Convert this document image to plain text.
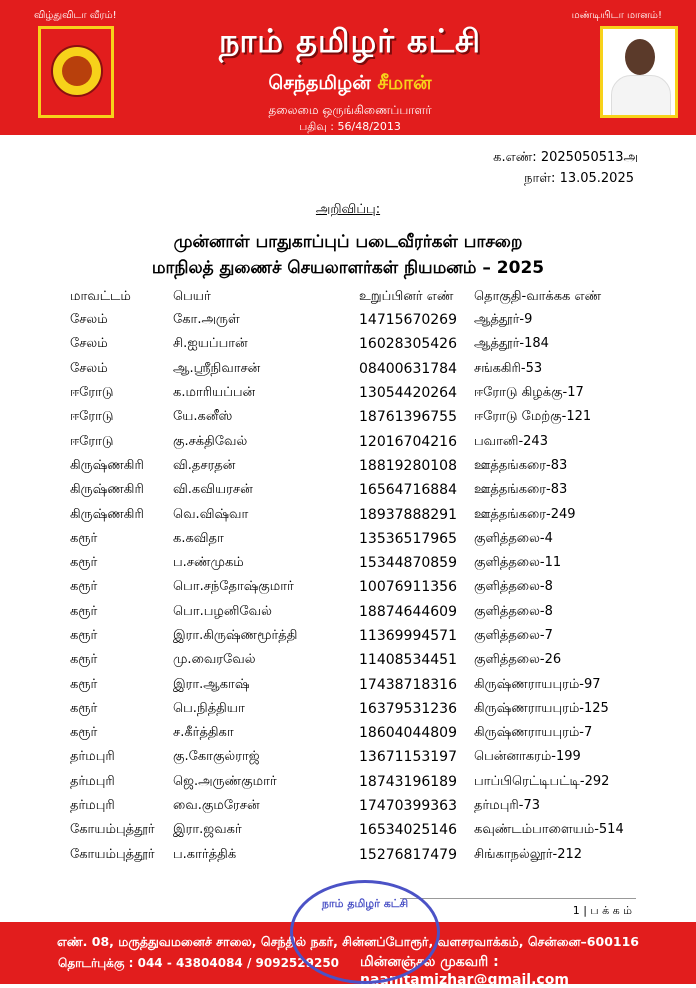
விழ்துவிடா வீரம்!	மண்டியிடா மானம்!
நாம் தமிழர் கட்சி
செந்தமிழன் சீமான்
தலைமை ஒருங்கிணைப்பாளர்
பதிவு : 56/48/2013
க.எண்: 2025050513அ
நாள்: 13.05.2025
அறிவிப்பு:
முன்னாள் பாதுகாப்புப் படைவீரர்கள் பாசறை
மாநிலத் துணைச் செயலாளர்கள் நியமனம் – 2025
மாவட்டம்	பெயர்	உறுப்பினர் எண்	தொகுதி-வாக்கக எண்
சேலம்	கோ.அருள்	14715670269	ஆத்தூர்-9
சேலம்	சி.ஐயப்பான்	16028305426	ஆத்தூர்-184
சேலம்	ஆ.ஸ்ரீநிவாசன்	08400631784	சங்ககிரி-53
ஈரோடு	க.மாரியப்பன்	13054420264	ஈரோடு கிழக்கு-17
ஈரோடு	யே.கனீஸ்	18761396755	ஈரோடு மேற்கு-121
ஈரோடு	கு.சக்திவேல்	12016704216	பவானி-243
கிருஷ்ணகிரி	வி.தசரதன்	18819280108	ஊத்தங்கரை-83
கிருஷ்ணகிரி	வி.கவியரசன்	16564716884	ஊத்தங்கரை-83
கிருஷ்ணகிரி	வெ.விஷ்வா	18937888291	ஊத்தங்கரை-249
கரூர்	க.கவிதா	13536517965	குளித்தலை-4
கரூர்	ப.சண்முகம்	15344870859	குளித்தலை-11
கரூர்	பொ.சந்தோஷ்குமார்	10076911356	குளித்தலை-8
கரூர்	பொ.பழனிவேல்	18874644609	குளித்தலை-8
கரூர்	இரா.கிருஷ்ணமூர்த்தி	11369994571	குளித்தலை-7
கரூர்	மு.வைரவேல்	11408534451	குளித்தலை-26
கரூர்	இரா.ஆகாஷ்	17438718316	கிருஷ்ணராயபுரம்-97
கரூர்	பெ.நித்தியா	16379531236	கிருஷ்ணராயபுரம்-125
கரூர்	ச.கீர்த்திகா	18604044809	கிருஷ்ணராயபுரம்-7
தர்மபுரி	கு.கோகுல்ராஜ்	13671153197	பென்னாகரம்-199
தர்மபுரி	ஜெ.அருண்குமார்	18743196189	பாப்பிரெட்டிபட்டி-292
தர்மபுரி	வை.குமரேசன்	17470399363	தர்மபுரி-73
கோயம்புத்தூர்	இரா.ஜவகர்	16534025146	கவுண்டம்பாளையம்-514
கோயம்புத்தூர்	ப.கார்த்திக்	15276817479	சிங்காநல்லூர்-212
1 | ப க் க ம்
எண். 08, மருத்துவமனைச் சாலை, செந்தில் நகர், சின்னப்போரூர், வளசரவாக்கம், சென்னை–600116
தொடர்புக்கு : 044 - 43804084 / 9092529250 மின்னஞ்சல் முகவரி : naamtamizhar@gmail.com
நாம் தமிழர் கட்சி
